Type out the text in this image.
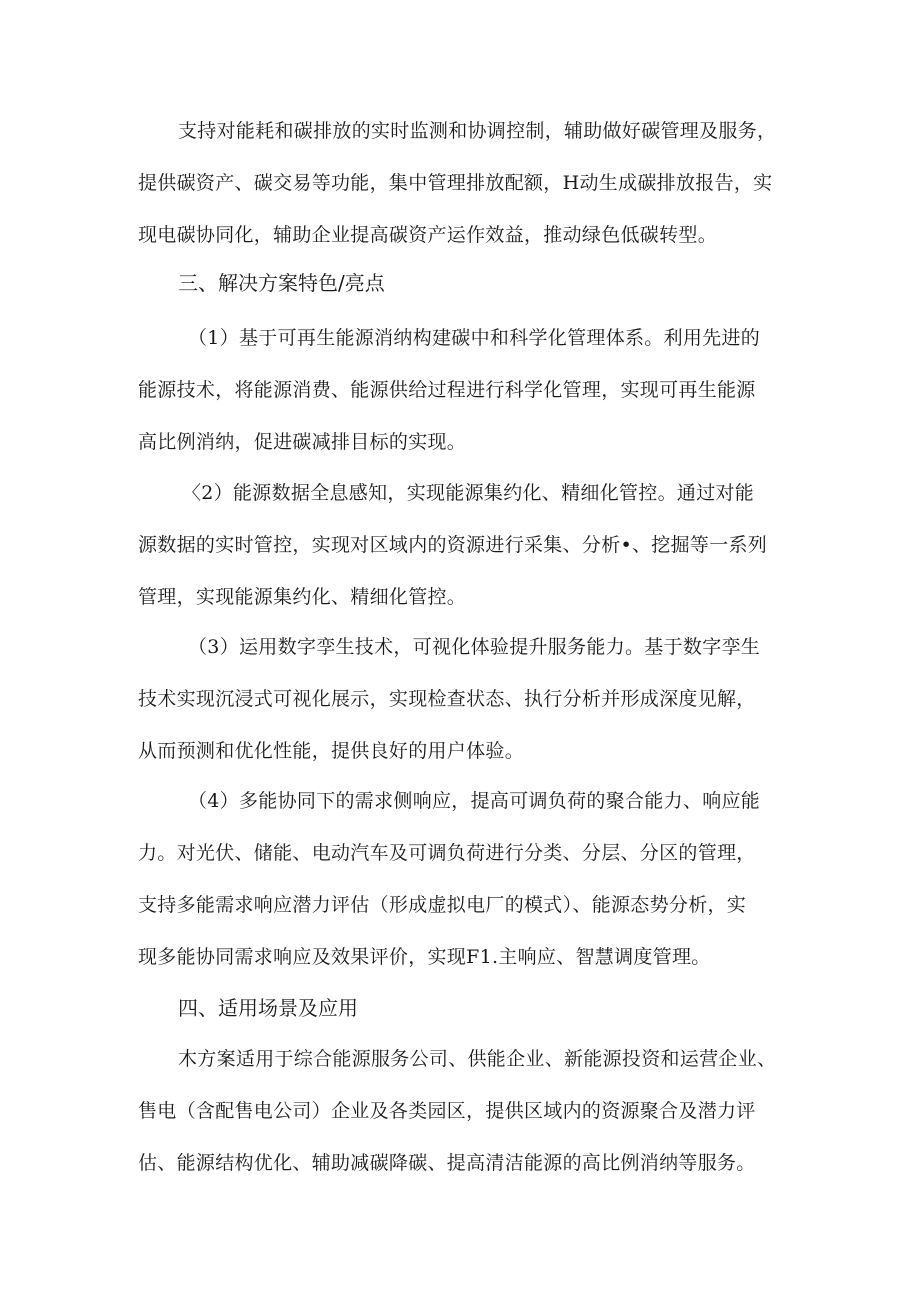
支持对能耗和碳排放的实时监测和协调控制，辅助做好碳管理及服务，
提供碳资产、碳交易等功能，集中管理排放配额，H动生成碳排放报告，实
现电碳协同化，辅助企业提高碳资产运作效益，推动绿色低碳转型。

三、解决方案特色/亮点

（1）基于可再生能源消纳构建碳中和科学化管理体系。利用先进的
能源技术，将能源消费、能源供给过程进行科学化管理，实现可再生能源
高比例消纳，促进碳减排目标的实现。

〈2）能源数据全息感知，实现能源集约化、精细化管控。通过对能
源数据的实时管控，实现对区域内的资源进行采集、分析•、挖掘等一系列
管理，实现能源集约化、精细化管控。

（3）运用数字孪生技术，可视化体验提升服务能力。基于数字孪生
技术实现沉浸式可视化展示，实现检查状态、执行分析并形成深度见解，
从而预测和优化性能，提供良好的用户体验。

（4）多能协同下的需求侧响应，提高可调负荷的聚合能力、响应能
力。对光伏、储能、电动汽车及可调负荷进行分类、分层、分区的管理，
支持多能需求响应潜力评估（形成虚拟电厂的模式）、能源态势分析，实
现多能协同需求响应及效果评价，实现F1.主响应、智慧调度管理。

四、适用场景及应用

木方案适用于综合能源服务公司、供能企业、新能源投资和运营企业、
售电（含配售电公司）企业及各类园区，提供区域内的资源聚合及潜力评
估、能源结构优化、辅助减碳降碳、提高清洁能源的高比例消纳等服务。
